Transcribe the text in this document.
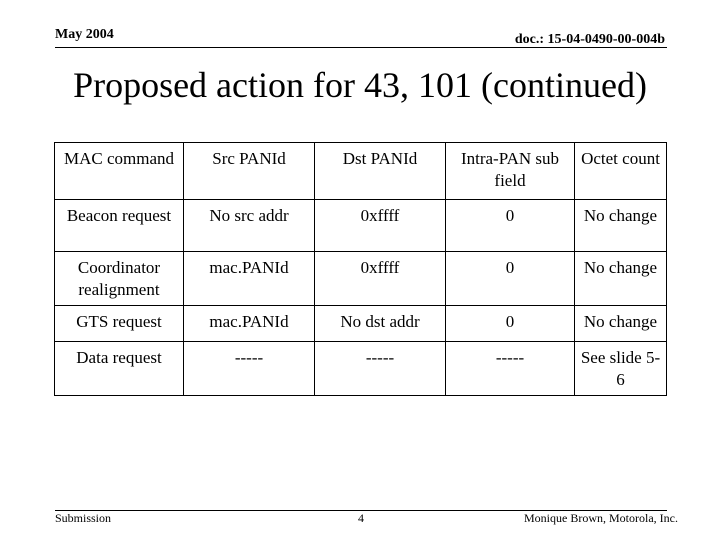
May 2004	doc.: 15-04-0490-00-004b
Proposed action for 43, 101 (continued)
MAC command	Src PANId	Dst PANId	Intra-PAN sub field	Octet count
Beacon request	No src addr	0xffff	0	No change
Coordinator realignment	mac.PANId	0xffff	0	No change
GTS request	mac.PANId	No dst addr	0	No change
Data request	-----	-----	-----	See slide 5-6
Submission	4	Monique Brown, Motorola, Inc.
